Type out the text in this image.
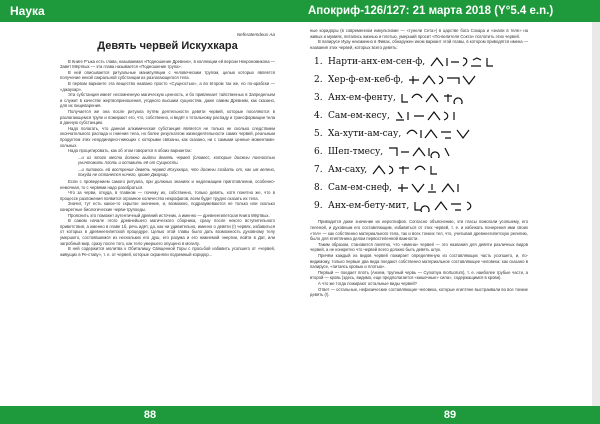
Наука
Neferatemdeus Aa
Девять червей Искухкара

В Книге Р’ыка есть глава, называемая «Подношение Древних», в коллекции ей версии Некрономикона — Завет Мёртвых — эта глава называется «Подношение трупа».

В ней описывается ритуальные манипуляции с человеческим трупом, целью которых является получение некой сакральной субстанции из разлагающегося тела.

В первом варианте эта вещество названо просто «Сущностью», а во втором так же, но по-арабски — «джаухар».

Эта субстанция имеет несомненную магическую ценность, и бо привлекает тайственных в Запредельем и служит в качестве жертвоприношения, угодного высшим сущностям, даже самим Древним, как сказано, для их пищеварения.

Получается же она после ритуала путём деятельности девяти червей, которые поселяются в разлагающемся трупе и пожирают его, что, собственно, и ведёт к тотальному распаду и трансформации тела в данную субстанцию.

Надо полагать, что данная алхимическая субстанция является не только не сколько следствием окончательного распада и гниения тела, но более результатом жизнедеятельности самих червей, реальным продуктом этих неординарно-гниющих с которыми связаны, как сказано, ни с самыми ценные моментами-хольных.

Надо процитировать, как об этом говорится в обоих вариантах:

...и из этого места должно выйти девять червей (словесс, которые должны полностью уничтожить плоть и оставить её от Сущности.

...и питаюсь ей вострения девять червей Искухкара, что должны создать от, как им велено, покуда не останется ничего, кроме Джаухар.

Если с проведением самого ритуала, при должных знаниях и надлежащем приготовлении, особенно-немочная, то с червями надо разобраться.

Что за черви, откуда, в главном — почему их, собственно, только девять, хотя понятно же, что в процессе разложения появится огромное количество некрофагов, всем будет трудно сказать их тела.

Значит, тут есть какое-то скрытое значение, и, возможно, подразумеваются не только или сколько конкретные биологические черви-трупоеды.

Прояснить это поможет аутентичный древний источник, а именно — древнеегипетская Книга Мёртвых.

В самом начале этого древнейшего магического сборника, сразу после некого вступительного приветствия, а именно в главе 1б, речь идёт, да, как ни удивительно, именно о девяти (!) червях, избавиться от которых в древнеегипетской процедуре. Целью этой главы было дать возможность духовному телу умершего, состоявшемся из нескольких его душ, его разума и его нижнемой энергии, войти в Дат, или загробный мир, сразу после того, как тело умершего опущено в могилу.

В ней содержится молитва к Обиталищу Священной Горы с просьбой избавить усопшего от «червей, живущих в Ре-ставу», т. е. от червей, которые охраняли подземный коридор...

88
Апокриф-126/127: 21 марта 2018 (Y°5.4 e.n.)

ные коридоры (в современном емкультизме — «тунели Сета») в царстве бога Сокара и «знали в теле» на живых и мумиях, питались жизнью и плотью, умерший просит «По-велителя Сокта» поглотить этих червей.

В папирусе Иуау неизменно в Фивах, обнаружен ином вариант этой главы, в котором приводятся имена — названия этих червей, которых всего девять:

1. Нарти-анх-ем-сен-ф,
2. Хер-ф-ем-кеб-ф,
3. Анх-ем-фенту,
4. Сам-ем-кесу,
5. Ха-хути-ам-сау,
6. Шеп-тмесу,
7. Ам-сахy,
8. Сам-ем-снеф,
9. Анх-ем-бету-мит,

Приводится даже значение их иероглифов. Согласно объяснению, эти гласы помогали усопшему, его теленой, и духовным его составляющим, избавиться от этих червей, т. е. и избежать понерения ими своих «тел» — как собственно материального тела, так и всех тонких тел, что, учитывая древнеегипетскую религию, было для египтянина делом первостепенной важности.

Таким образом, становится понятно, что «имена» червей — это названия для девяти различных видов червей, а не конкретно что червей всего должно быть девять штук.

Причём каждый из видов червей пожирает определённую из составляющих часть усопшего, и, по-видимому, только первые два вида поедают собственно материальное составляющее человека: как сказано в папирусе, «питаясь кровью и плотью».

Первый — поедает плоть (Анхем, трупный червь — Cynomya mortuorum), т. е. наиболее грубые части, а второй — кровь (здесь, видимо, еще предполагается «кишечные» сила», содержащимся в крови).

А что же тогда пожирают остальные виды червей?

Ответ — остальные, нефизические составляющие человека, которые египтяне выстраивали во все тонкие девять (!).

89
